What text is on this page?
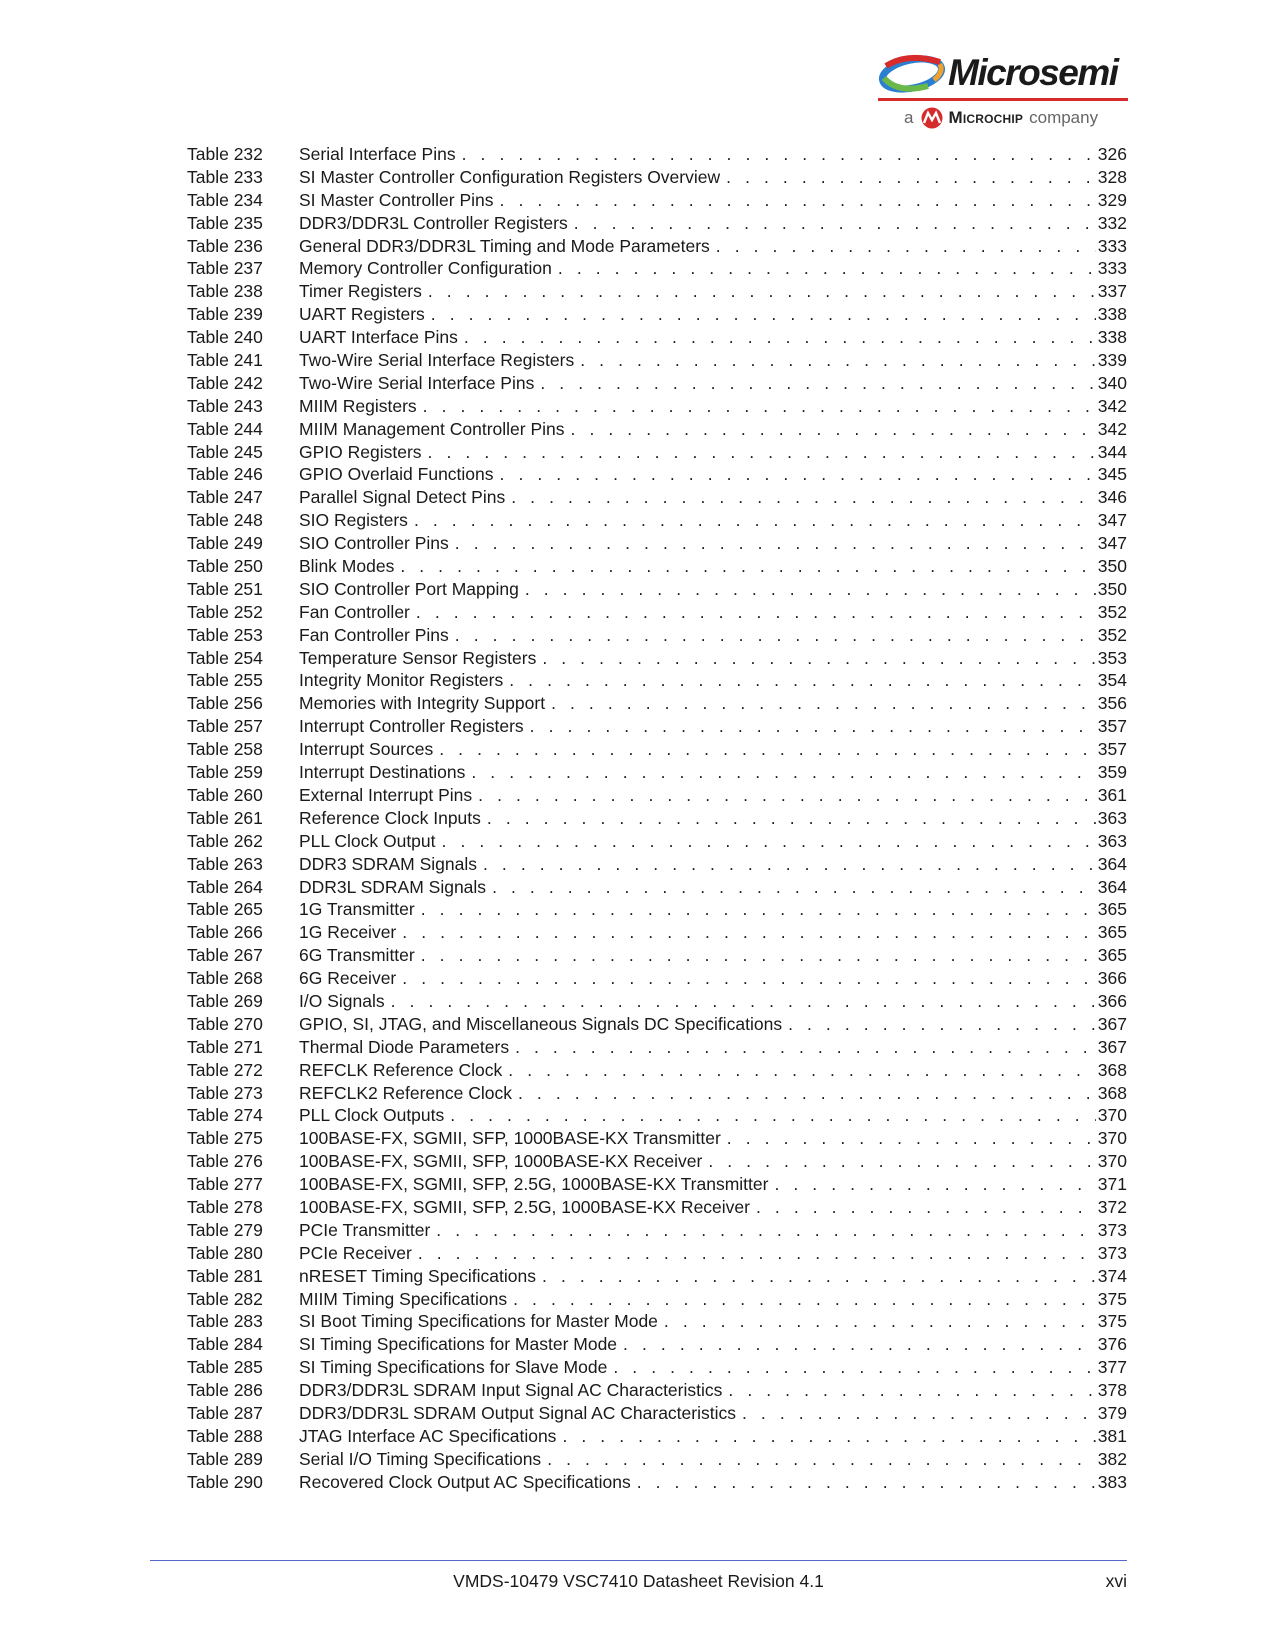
Microsemi
a Microchip company
Table 232	Serial Interface Pins . . .	326
Table 233	SI Master Controller Configuration Registers Overview . . .	328
Table 234	SI Master Controller Pins . . .	329
Table 235	DDR3/DDR3L Controller Registers . . .	332
Table 236	General DDR3/DDR3L Timing and Mode Parameters . . .	333
Table 237	Memory Controller Configuration . . .	333
Table 238	Timer Registers . . .	337
Table 239	UART Registers . . .	338
Table 240	UART Interface Pins . . .	338
Table 241	Two-Wire Serial Interface Registers . . .	339
Table 242	Two-Wire Serial Interface Pins . . .	340
Table 243	MIIM Registers . . .	342
Table 244	MIIM Management Controller Pins . . .	342
Table 245	GPIO Registers . . .	344
Table 246	GPIO Overlaid Functions . . .	345
Table 247	Parallel Signal Detect Pins . . .	346
Table 248	SIO Registers . . .	347
Table 249	SIO Controller Pins . . .	347
Table 250	Blink Modes . . .	350
Table 251	SIO Controller Port Mapping . . .	350
Table 252	Fan Controller . . .	352
Table 253	Fan Controller Pins . . .	352
Table 254	Temperature Sensor Registers . . .	353
Table 255	Integrity Monitor Registers . . .	354
Table 256	Memories with Integrity Support . . .	356
Table 257	Interrupt Controller Registers . . .	357
Table 258	Interrupt Sources . . .	357
Table 259	Interrupt Destinations . . .	359
Table 260	External Interrupt Pins . . .	361
Table 261	Reference Clock Inputs . . .	363
Table 262	PLL Clock Output . . .	363
Table 263	DDR3 SDRAM Signals . . .	364
Table 264	DDR3L SDRAM Signals . . .	364
Table 265	1G Transmitter . . .	365
Table 266	1G Receiver . . .	365
Table 267	6G Transmitter . . .	365
Table 268	6G Receiver . . .	366
Table 269	I/O Signals . . .	366
Table 270	GPIO, SI, JTAG, and Miscellaneous Signals DC Specifications . . .	367
Table 271	Thermal Diode Parameters . . .	367
Table 272	REFCLK Reference Clock . . .	368
Table 273	REFCLK2 Reference Clock . . .	368
Table 274	PLL Clock Outputs . . .	370
Table 275	100BASE-FX, SGMII, SFP, 1000BASE-KX Transmitter . . .	370
Table 276	100BASE-FX, SGMII, SFP, 1000BASE-KX Receiver . . .	370
Table 277	100BASE-FX, SGMII, SFP, 2.5G, 1000BASE-KX Transmitter . . .	371
Table 278	100BASE-FX, SGMII, SFP, 2.5G, 1000BASE-KX Receiver . . .	372
Table 279	PCIe Transmitter . . .	373
Table 280	PCIe Receiver . . .	373
Table 281	nRESET Timing Specifications . . .	374
Table 282	MIIM Timing Specifications . . .	375
Table 283	SI Boot Timing Specifications for Master Mode . . .	375
Table 284	SI Timing Specifications for Master Mode . . .	376
Table 285	SI Timing Specifications for Slave Mode . . .	377
Table 286	DDR3/DDR3L SDRAM Input Signal AC Characteristics . . .	378
Table 287	DDR3/DDR3L SDRAM Output Signal AC Characteristics . . .	379
Table 288	JTAG Interface AC Specifications . . .	381
Table 289	Serial I/O Timing Specifications . . .	382
Table 290	Recovered Clock Output AC Specifications . . .	383
VMDS-10479 VSC7410 Datasheet Revision 4.1	xvi
